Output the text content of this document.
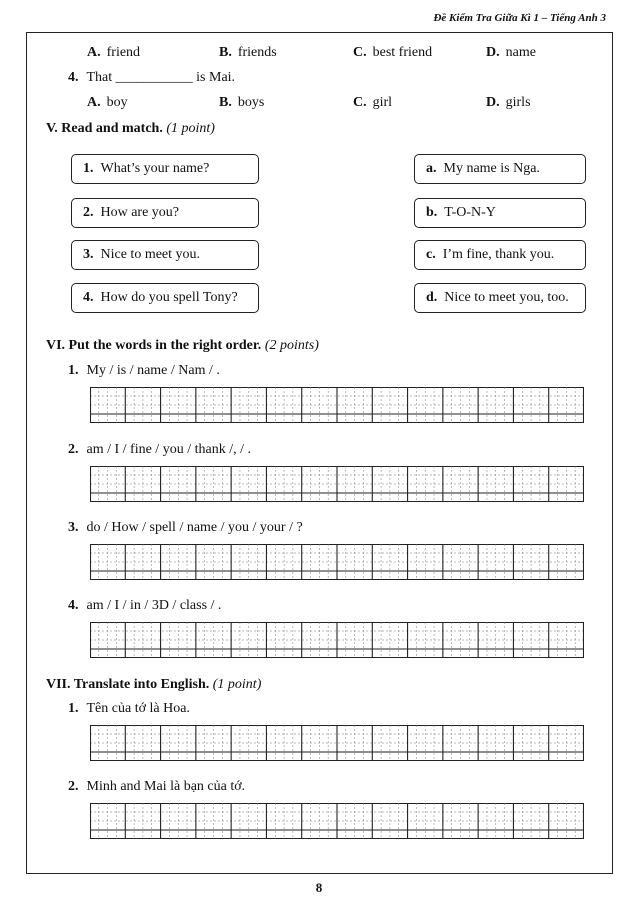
Đề Kiểm Tra Giữa Kì 1 – Tiếng Anh 3
A. friend	B. friends	C. best friend	D. name
4. That ___________ is Mai.
A. boy	B. boys	C. girl	D. girls
V. Read and match. (1 point)
1. What’s your name?
2. How are you?
3. Nice to meet you.
4. How do you spell Tony?
a. My name is Nga.
b. T-O-N-Y
c. I’m fine, thank you.
d. Nice to meet you, too.
VI. Put the words in the right order. (2 points)
1. My / is / name / Nam / .
2. am / I / fine / you / thank /, / .
3. do / How / spell / name / you / your / ?
4. am / I / in / 3D / class / .
VII. Translate into English. (1 point)
1. Tên của tớ là Hoa.
2. Minh and Mai là bạn của tớ.
8
